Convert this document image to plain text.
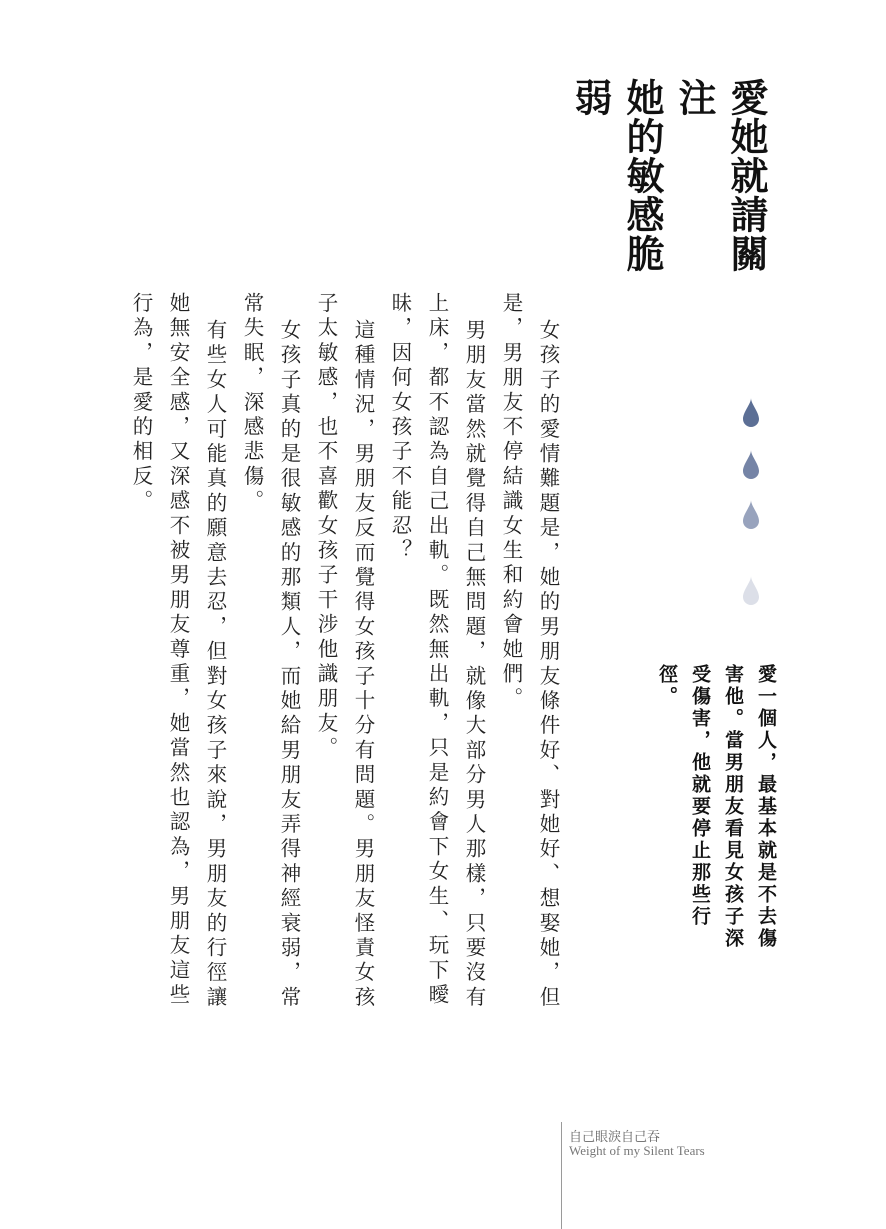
愛她就請關注
她的敏感脆弱
愛一個人，最基本就是不去傷害他。當男朋友看見女孩子深受傷害，他就要停止那些行徑。

女孩子的愛情難題是，她的男朋友條件好、對她好、想娶她，但是，男朋友不停結識女生和約會她們。

男朋友當然就覺得自己無問題，就像大部分男人那樣，只要沒有上床，都不認為自己出軌。既然無出軌，只是約會下女生、玩下曖昧，因何女孩子不能忍？

這種情況，男朋友反而覺得女孩子十分有問題。男朋友怪責女孩子太敏感，也不喜歡女孩子干涉他識朋友。

女孩子真的是很敏感的那類人，而她給男朋友弄得神經衰弱，常常失眠，深感悲傷。

有些女人可能真的願意去忍，但對女孩子來說，男朋友的行徑讓她無安全感，又深感不被男朋友尊重，她當然也認為，男朋友這些行為，是愛的相反。

自己眼淚自己吞
Weight of my Silent Tears
